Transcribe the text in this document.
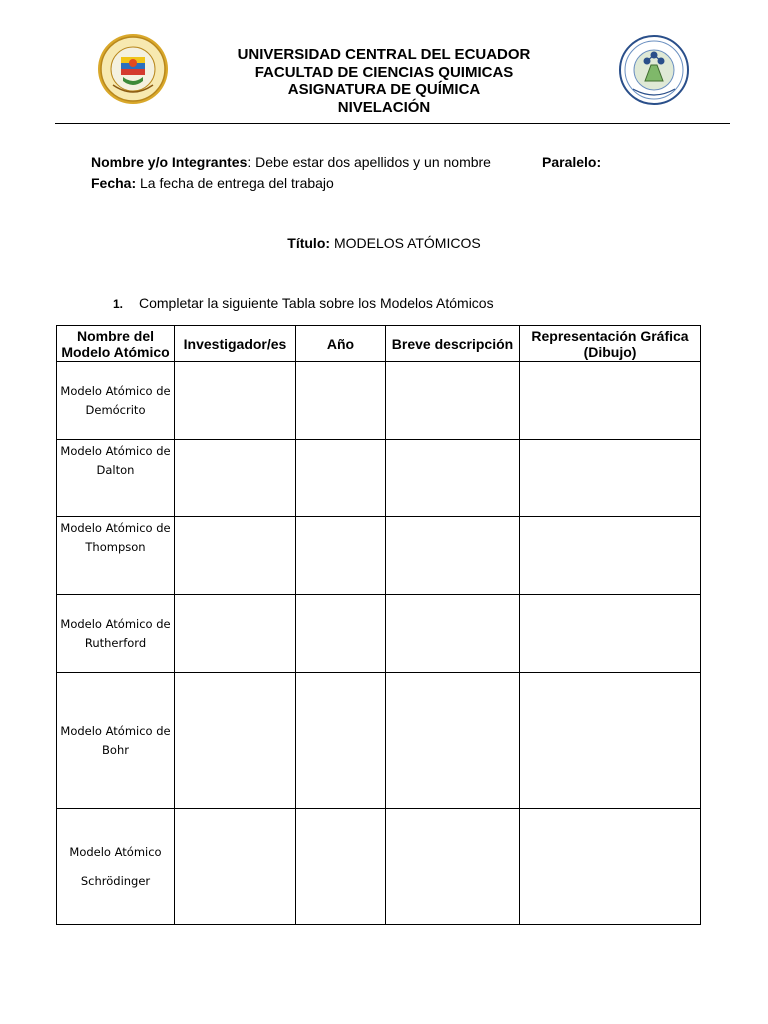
UNIVERSIDAD CENTRAL DEL ECUADOR
FACULTAD DE CIENCIAS QUIMICAS
ASIGNATURA DE QUÍMICA
NIVELACIÓN
Nombre y/o Integrantes: Debe estar dos apellidos y un nombre	Paralelo:
Fecha: La fecha de entrega del trabajo
Título: MODELOS ATÓMICOS
1. Completar la siguiente Tabla sobre los Modelos Atómicos
Nombre del
Modelo Atómico	Investigador/es	Año	Breve descripción	Representación Gráfica
(Dibujo)
Modelo Atómico de
Demócrito				
Modelo Atómico de
Dalton				
Modelo Atómico de
Thompson				
Modelo Atómico de
Rutherford				
Modelo Atómico de
Bohr				
Modelo Atómico
Schrödinger				
